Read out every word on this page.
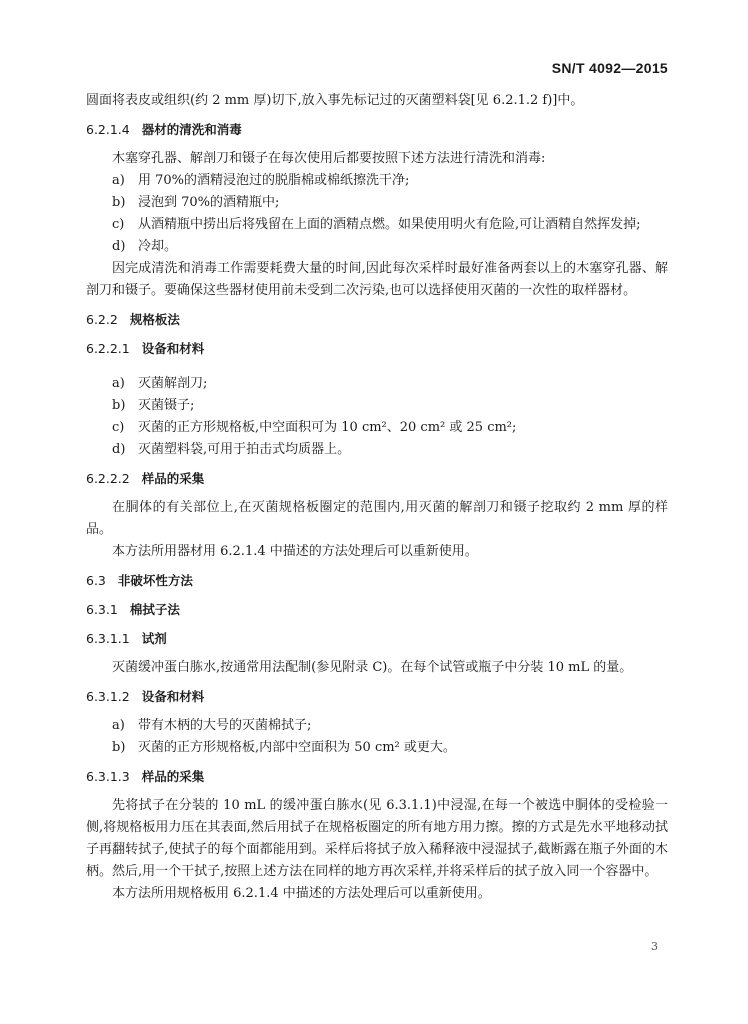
SN/T 4092—2015

圆面将表皮或组织(约 2 mm 厚)切下,放入事先标记过的灭菌塑料袋[见 6.2.1.2 f)]中。

6.2.1.4 器材的清洗和消毒

木塞穿孔器、解剖刀和镊子在每次使用后都要按照下述方法进行清洗和消毒:

a)	用 70%的酒精浸泡过的脱脂棉或棉纸擦洗干净;

b) 浸泡到 70%的酒精瓶中;

c)	从酒精瓶中捞出后将残留在上面的酒精点燃。如果使用明火有危险,可让酒精自然挥发掉;

d) 冷却。

因完成清洗和消毒工作需要耗费大量的时间,因此每次采样时最好准备两套以上的木塞穿孔器、解剖刀和镊子。要确保这些器材使用前未受到二次污染,也可以选择使用灭菌的一次性的取样器材。

6.2.2 规格板法
6.2.2.1 设备和材料

a)	灭菌解剖刀;

b) 灭菌镊子;

c)	灭菌的正方形规格板,中空面积可为 10 cm²、20 cm² 或 25 cm²;

d) 灭菌塑料袋,可用于拍击式均质器上。

6.2.2.2 样品的采集

在胴体的有关部位上,在灭菌规格板圈定的范围内,用灭菌的解剖刀和镊子挖取约 2 mm 厚的样品。

本方法所用器材用 6.2.1.4 中描述的方法处理后可以重新使用。

6.3 非破坏性方法
6.3.1 棉拭子法
6.3.1.1 试剂

灭菌缓冲蛋白胨水,按通常用法配制(参见附录 C)。在每个试管或瓶子中分装 10 mL 的量。

6.3.1.2 设备和材料

a)	带有木柄的大号的灭菌棉拭子;

b) 灭菌的正方形规格板,内部中空面积为 50 cm² 或更大。

6.3.1.3 样品的采集

先将拭子在分装的 10 mL 的缓冲蛋白胨水(见 6.3.1.1)中浸湿,在每一个被选中胴体的受检验一侧,将规格板用力压在其表面,然后用拭子在规格板圈定的所有地方用力擦。擦的方式是先水平地移动拭子再翻转拭子,使拭子的每个面都能用到。采样后将拭子放入稀释液中浸湿拭子,截断露在瓶子外面的木柄。然后,用一个干拭子,按照上述方法在同样的地方再次采样,并将采样后的拭子放入同一个容器中。

本方法所用规格板用 6.2.1.4 中描述的方法处理后可以重新使用。

3
